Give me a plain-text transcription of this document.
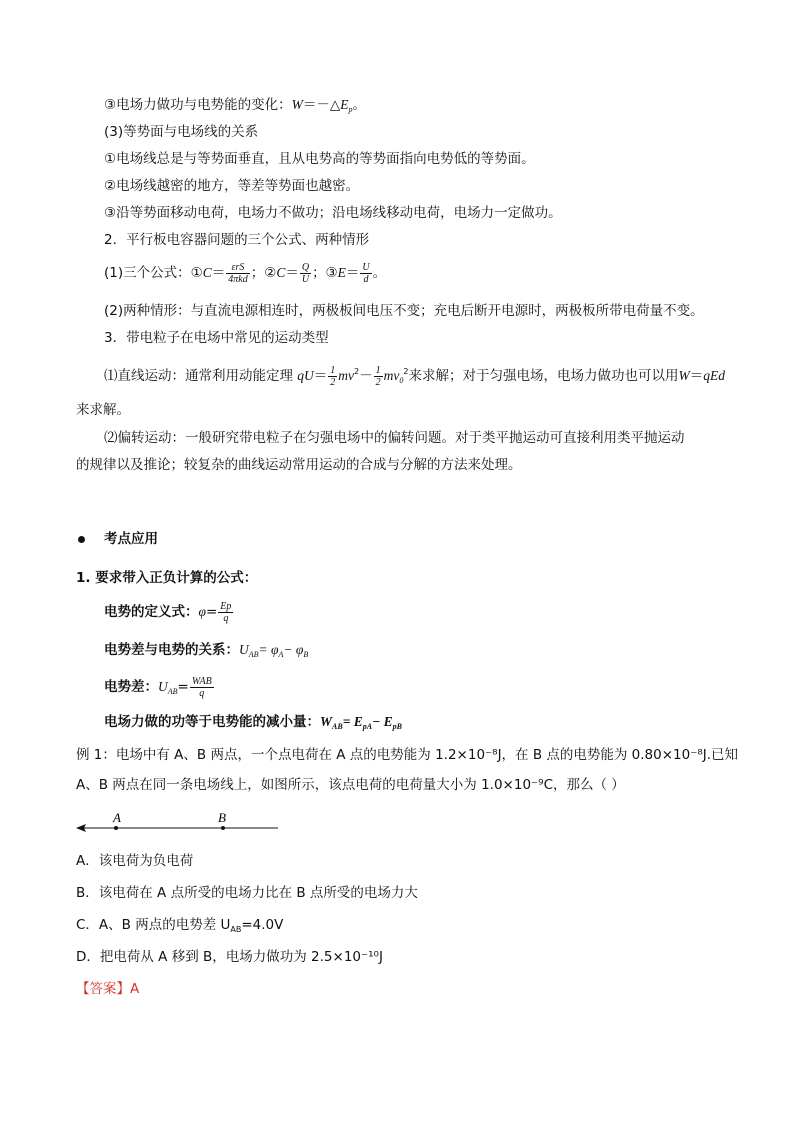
③电场力做功与电势能的变化：$W=-\triangle E_p$。
(3)等势面与电场线的关系
①电场线总是与等势面垂直，且从电势高的等势面指向电势低的等势面。
②电场线越密的地方，等差等势面也越密。
③沿等势面移动电荷，电场力不做功；沿电场线移动电荷，电场力一定做功。
2．平行板电容器问题的三个公式、两种情形
(1)三个公式：①C＝ $\frac{\text{εrS}}{\text{4πkd}}$ ；②C＝ $\frac{Q}{U}$ ；③E＝ $\frac{U}{d}$ 。
(2)两种情形：与直流电源相连时，两极板间电压不变；充电后断开电源时，两极板所带电荷量不变。
3．带电粒子在电场中常见的运动类型
⑴直线运动：通常利用动能定理 $qU= \frac{1}{2} mv^2- \frac{1}{2} mv_0^2$来求解；对于匀强电场，电场力做功也可以用W＝qEd
来求解。
⑵偏转运动：一般研究带电粒子在匀强电场中的偏转问题。对于类平抛运动可直接利用类平抛运动
的规律以及推论；较复杂的曲线运动常用运动的合成与分解的方法来处理。
考点应用
1. 要求带入正负计算的公式：
电势的定义式：$\varphi= \frac{Ep}{q}$
电势差与电势的关系：$U_{AB}= \varphi_A- \varphi_B$
电势差：$U_{AB}= \frac{\text{WAB}}{q}$
电场力做的功等于电势能的减小量：$W_{AB}= E_{pA}- E_{pB}$
例 1：电场中有 A、B 两点，一个点电荷在 A 点的电势能为 1.2×10⁻⁸J，在 B 点的电势能为 0.80×10⁻⁸J.已知
A、B 两点在同一条电场线上，如图所示，该点电荷的电荷量大小为 1.0×10⁻⁹C，那么（ ）
A	B
A．该电荷为负电荷
B．该电荷在 A 点所受的电场力比在 B 点所受的电场力大
C．A、B 两点的电势差 $U_{AB}=4.0V$
D．把电荷从 A 移到 B，电场力做功为 2.5×10⁻¹⁰J
【答案】A
